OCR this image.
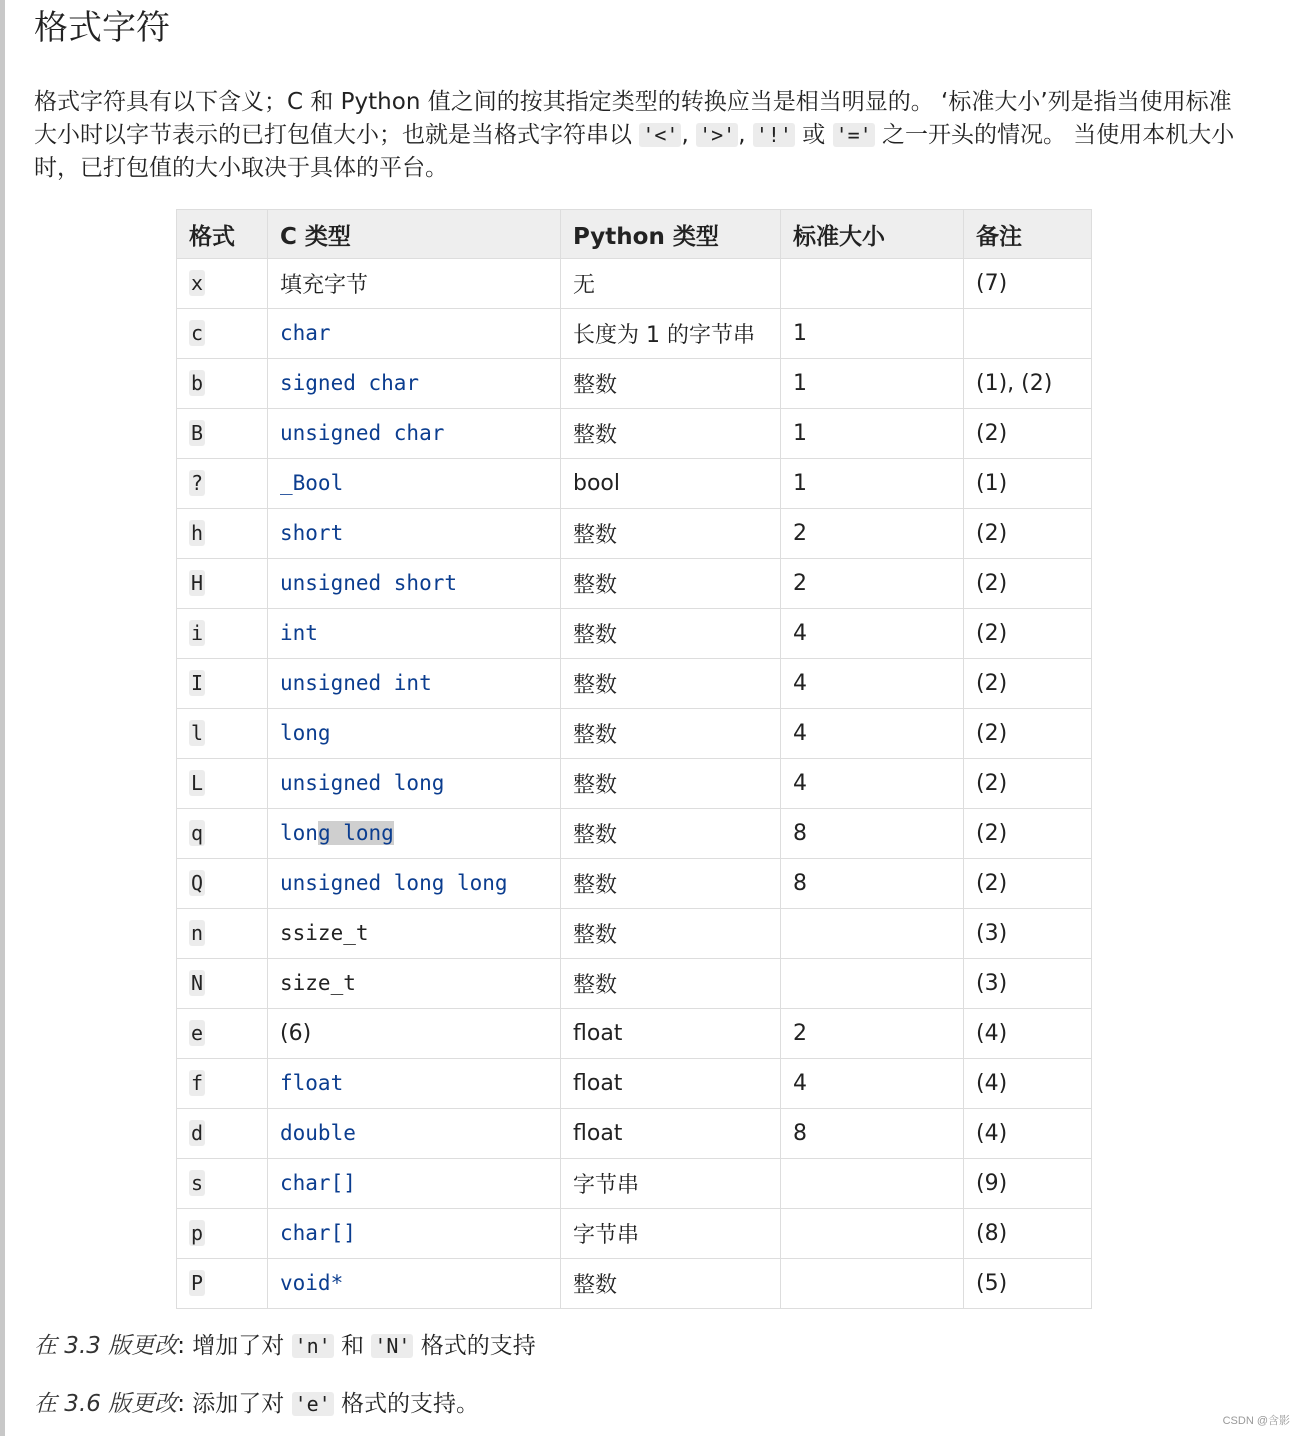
格式字符

格式字符具有以下含义；C 和 Python 值之间的按其指定类型的转换应当是相当明显的。 ‘标准大小’列是指当使用标准大小时以字节表示的已打包值大小；也就是当格式字符串以 '<' , '>' , '!' 或 '=' 之一开头的情况。 当使用本机大小时，已打包值的大小取决于具体的平台。

格式	C 类型	Python 类型	标准大小	备注
x	填充字节	无		(7)
c	char	长度为 1 的字节串	1	
b	signed char	整数	1	(1), (2)
B	unsigned char	整数	1	(2)
?	_Bool	bool	1	(1)
h	short	整数	2	(2)
H	unsigned short	整数	2	(2)
i	int	整数	4	(2)
I	unsigned int	整数	4	(2)
l	long	整数	4	(2)
L	unsigned long	整数	4	(2)
q	long long	整数	8	(2)
Q	unsigned long long	整数	8	(2)
n	ssize_t	整数		(3)
N	size_t	整数		(3)
e	(6)	float	2	(4)
f	float	float	4	(4)
d	double	float	8	(4)
s	char[]	字节串		(9)
p	char[]	字节串		(8)
P	void*	整数		(5)

在 3.3 版更改: 增加了对 'n' 和 'N' 格式的支持

在 3.6 版更改: 添加了对 'e' 格式的支持。

CSDN @含影
